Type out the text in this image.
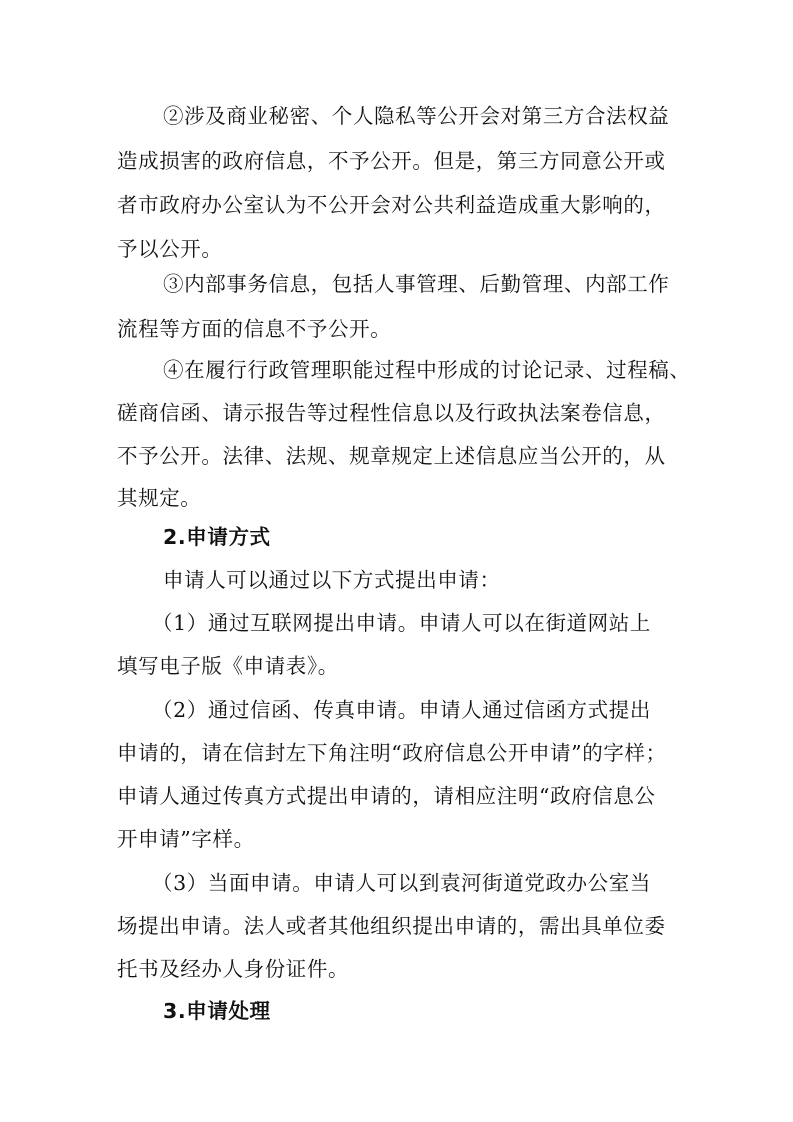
②涉及商业秘密、个人隐私等公开会对第三方合法权益
造成损害的政府信息，不予公开。但是，第三方同意公开或
者市政府办公室认为不公开会对公共利益造成重大影响的，
予以公开。
③内部事务信息，包括人事管理、后勤管理、内部工作
流程等方面的信息不予公开。
④在履行行政管理职能过程中形成的讨论记录、过程稿、
磋商信函、请示报告等过程性信息以及行政执法案卷信息，
不予公开。法律、法规、规章规定上述信息应当公开的，从
其规定。
2.申请方式
申请人可以通过以下方式提出申请：
（1）通过互联网提出申请。申请人可以在街道网站上
填写电子版《申请表》。
（2）通过信函、传真申请。申请人通过信函方式提出
申请的，请在信封左下角注明“政府信息公开申请”的字样；
申请人通过传真方式提出申请的，请相应注明“政府信息公
开申请”字样。
（3）当面申请。申请人可以到袁河街道党政办公室当
场提出申请。法人或者其他组织提出申请的，需出具单位委
托书及经办人身份证件。
3.申请处理
